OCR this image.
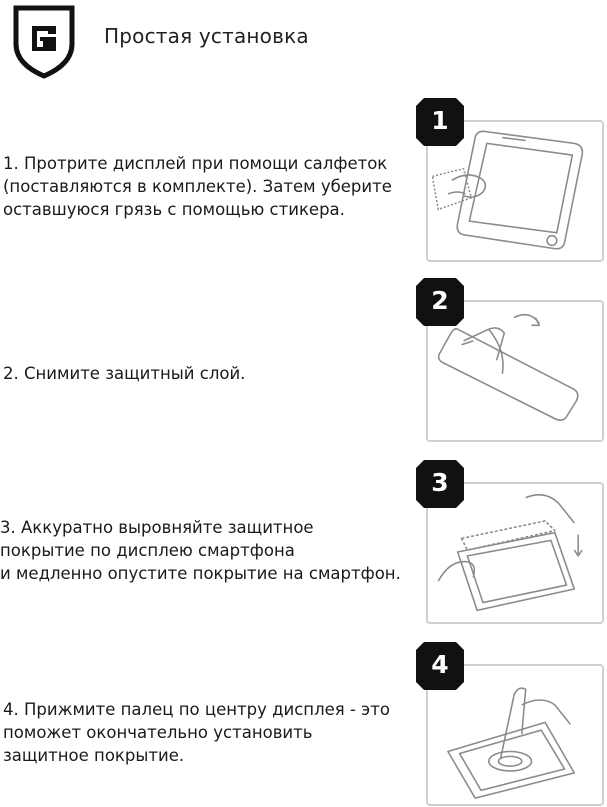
Простая установка
1. Протрите дисплей при помощи салфеток
(поставляются в комплекте). Затем уберите
оставшуюся грязь с помощью стикера.
1
2. Снимите защитный слой.
2
3. Аккуратно выровняйте защитное
покрытие по дисплею смартфона
и медленно опустите покрытие на смартфон.
3
4. Прижмите палец по центру дисплея - это
поможет окончательно установить
защитное покрытие.
4
